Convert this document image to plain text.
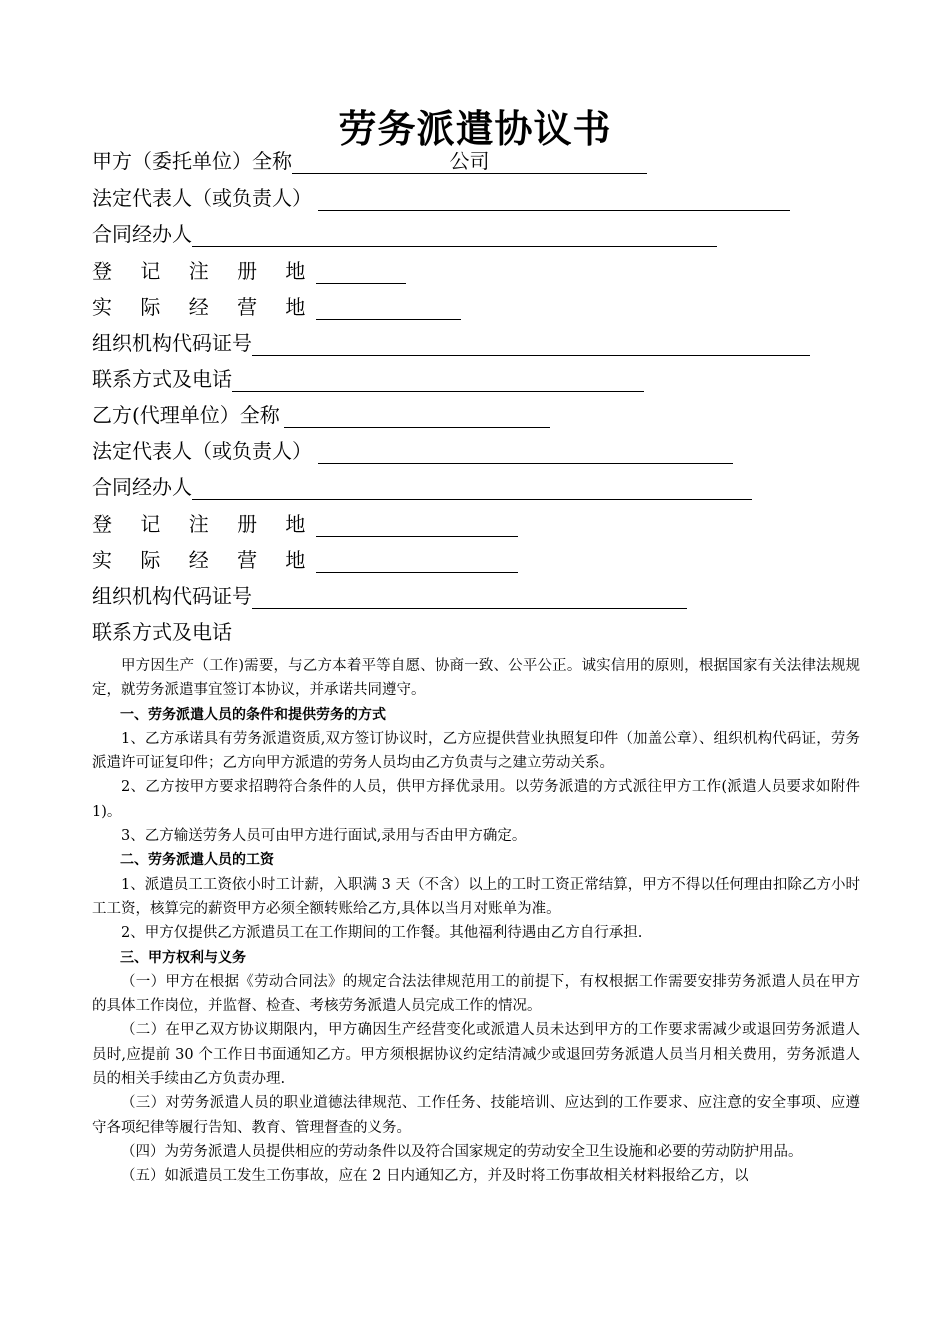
劳务派遣协议书
甲方（委托单位）全称	公司
法定代表人（或负责人）
合同经办人
登 记 注 册 地
实 际 经 营 地
组织机构代码证号
联系方式及电话
乙方(代理单位）全称
法定代表人（或负责人）
合同经办人
登 记 注 册 地
实 际 经 营 地
组织机构代码证号
联系方式及电话

甲方因生产（工作)需要，与乙方本着平等自愿、协商一致、公平公正。诚实信用的原则，根据国家有关法律法规规定，就劳务派遣事宜签订本协议，并承诺共同遵守。

一、劳务派遣人员的条件和提供劳务的方式

1、乙方承诺具有劳务派遣资质,双方签订协议时，乙方应提供营业执照复印件（加盖公章）、组织机构代码证，劳务派遣许可证复印件；乙方向甲方派遣的劳务人员均由乙方负责与之建立劳动关系。

2、乙方按甲方要求招聘符合条件的人员，供甲方择优录用。以劳务派遣的方式派往甲方工作(派遣人员要求如附件 1)。

3、乙方输送劳务人员可由甲方进行面试,录用与否由甲方确定。

二、劳务派遣人员的工资

1、派遣员工工资依小时工计薪，入职满 3 天（不含）以上的工时工资正常结算，甲方不得以任何理由扣除乙方小时工工资，核算完的薪资甲方必须全额转账给乙方,具体以当月对账单为准。

2、甲方仅提供乙方派遣员工在工作期间的工作餐。其他福利待遇由乙方自行承担.

三、甲方权利与义务

（一）甲方在根据《劳动合同法》的规定合法法律规范用工的前提下，有权根据工作需要安排劳务派遣人员在甲方的具体工作岗位，并监督、检查、考核劳务派遣人员完成工作的情况。

（二）在甲乙双方协议期限内，甲方确因生产经营变化或派遣人员未达到甲方的工作要求需减少或退回劳务派遣人员时,应提前 30 个工作日书面通知乙方。甲方须根据协议约定结清减少或退回劳务派遣人员当月相关费用，劳务派遣人员的相关手续由乙方负责办理.

（三）对劳务派遣人员的职业道德法律规范、工作任务、技能培训、应达到的工作要求、应注意的安全事项、应遵守各项纪律等履行告知、教育、管理督查的义务。

（四）为劳务派遣人员提供相应的劳动条件以及符合国家规定的劳动安全卫生设施和必要的劳动防护用品。

（五）如派遣员工发生工伤事故，应在 2 日内通知乙方，并及时将工伤事故相关材料报给乙方，以
